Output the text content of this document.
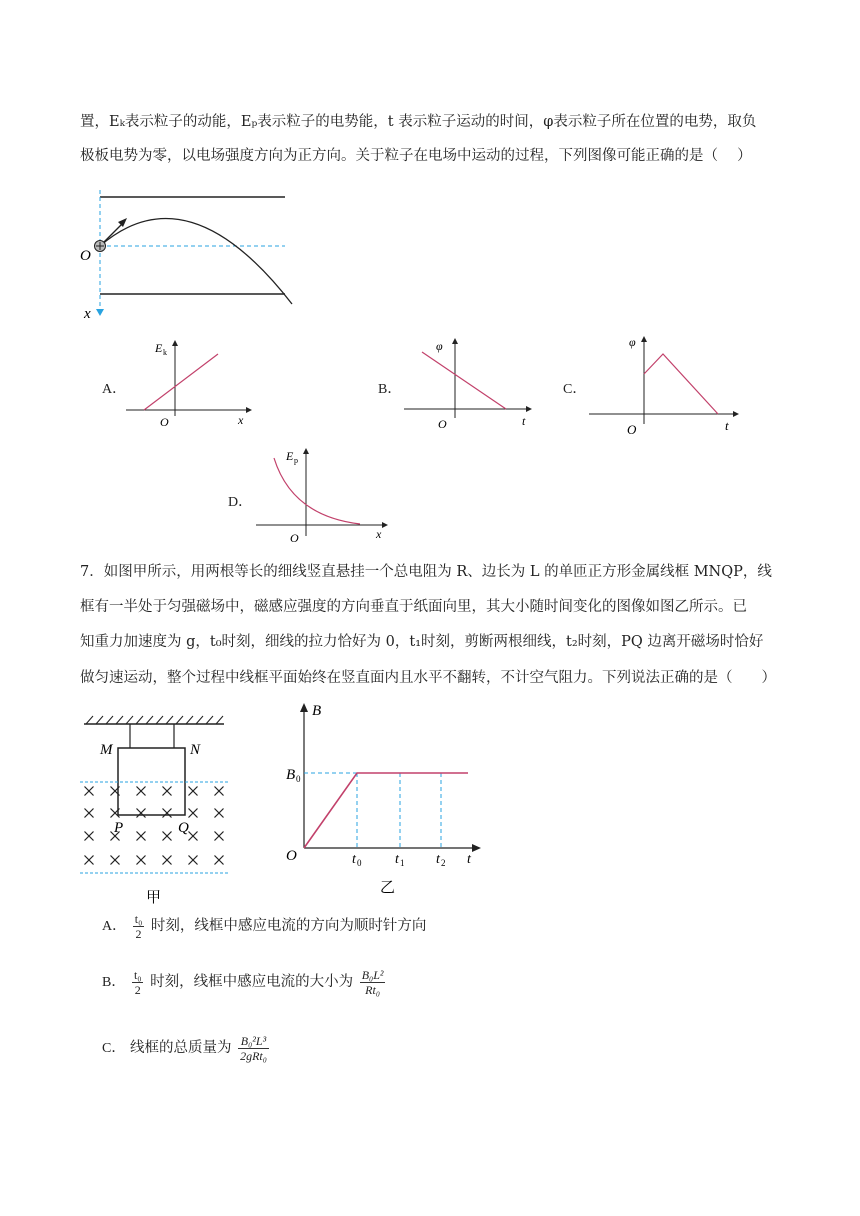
置，Eₖ表示粒子的动能，Eₚ表示粒子的电势能，t 表示粒子运动的时间，φ表示粒子所在位置的电势，取负
极板电势为零，以电场强度方向为正方向。关于粒子在电场中运动的过程，下列图像可能正确的是（　 ）
O
x
A．
E k
O	x
B．
φ
O	t
C．
φ
O	t
D．
E p
O	x
7．如图甲所示，用两根等长的细线竖直悬挂一个总电阻为 R、边长为 L 的单匝正方形金属线框 MNQP，线
框有一半处于匀强磁场中，磁感应强度的方向垂直于纸面向里，其大小随时间变化的图像如图乙所示。已
知重力加速度为 g，t₀时刻，细线的拉力恰好为 0，t₁时刻，剪断两根细线，t₂时刻，PQ 边离开磁场时恰好
做匀速运动，整个过程中线框平面始终在竖直面内且水平不翻转，不计空气阻力。下列说法正确的是（　　）
M	N
P	Q
甲
B
B 0
O	t 0 t 1 t 2 t
乙
A． $\frac{\text{t₀}}{2}$ 时刻，线框中感应电流的方向为顺时针方向
B． $\frac{\text{t₀}}{2}$ 时刻，线框中感应电流的大小为 $\frac{\text{B₀L²}}{\text{Rt₀}}$
C． 线框的总质量为 $\frac{\text{B₀²L³}}{\text{2gRt₀}}$
